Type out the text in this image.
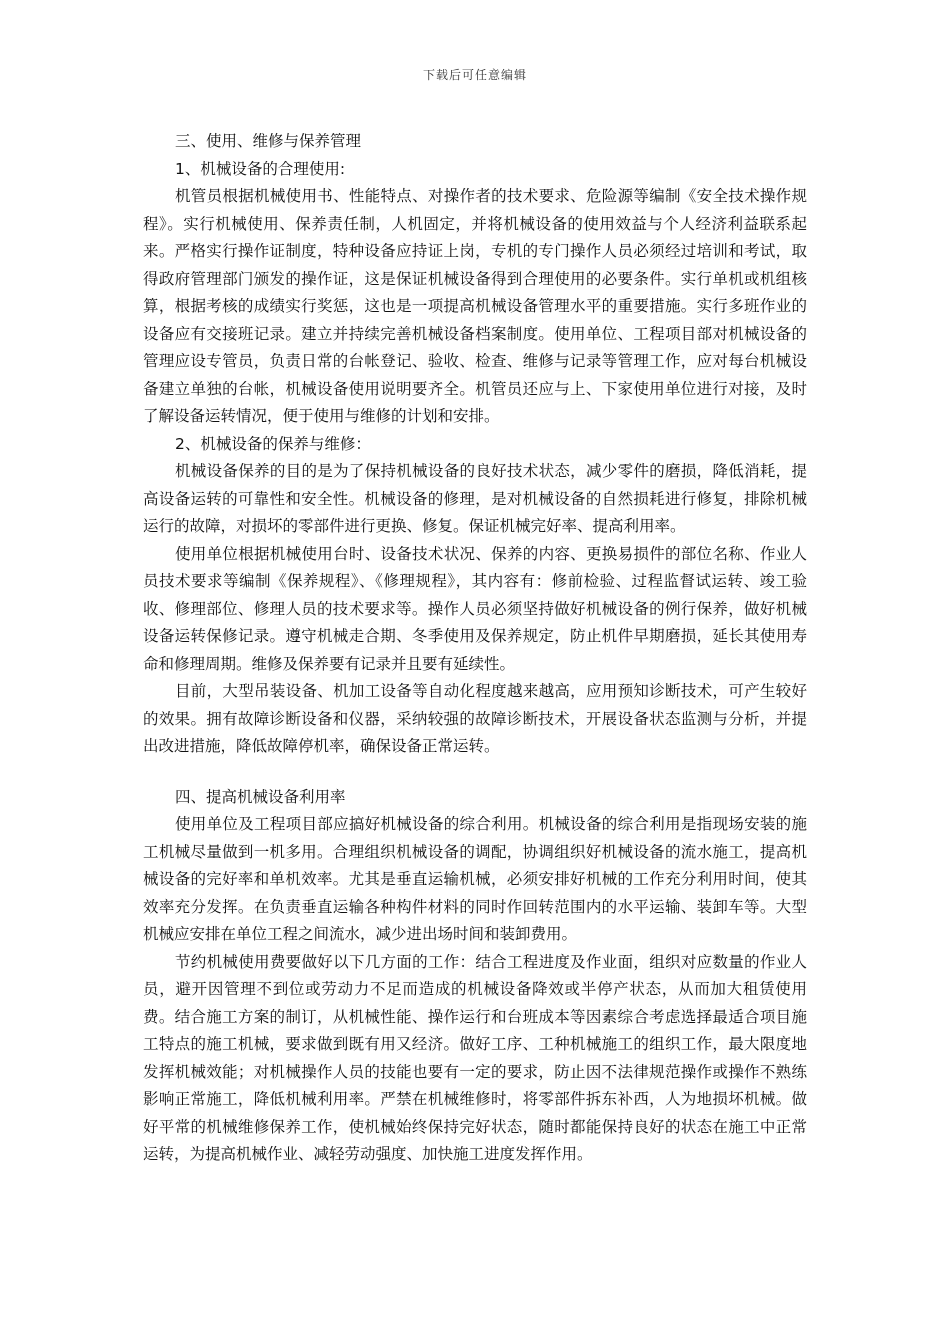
下载后可任意编辑
三、使用、维修与保养管理

1、机械设备的合理使用:

机管员根据机械使用书、性能特点、对操作者的技术要求、危险源等编制《安全技术操作规程》。实行机械使用、保养责任制，人机固定，并将机械设备的使用效益与个人经济利益联系起来。严格实行操作证制度，特种设备应持证上岗，专机的专门操作人员必须经过培训和考试，取得政府管理部门颁发的操作证，这是保证机械设备得到合理使用的必要条件。实行单机或机组核算，根据考核的成绩实行奖惩，这也是一项提高机械设备管理水平的重要措施。实行多班作业的设备应有交接班记录。建立并持续完善机械设备档案制度。使用单位、工程项目部对机械设备的管理应设专管员，负责日常的台帐登记、验收、检查、维修与记录等管理工作，应对每台机械设备建立单独的台帐，机械设备使用说明要齐全。机管员还应与上、下家使用单位进行对接，及时了解设备运转情况，便于使用与维修的计划和安排。

2、机械设备的保养与维修：

机械设备保养的目的是为了保持机械设备的良好技术状态，减少零件的磨损，降低消耗，提高设备运转的可靠性和安全性。机械设备的修理，是对机械设备的自然损耗进行修复，排除机械运行的故障，对损坏的零部件进行更换、修复。保证机械完好率、提高利用率。

使用单位根据机械使用台时、设备技术状况、保养的内容、更换易损件的部位名称、作业人员技术要求等编制《保养规程》、《修理规程》，其内容有：修前检验、过程监督试运转、竣工验收、修理部位、修理人员的技术要求等。操作人员必须坚持做好机械设备的例行保养，做好机械设备运转保修记录。遵守机械走合期、冬季使用及保养规定，防止机件早期磨损，延长其使用寿命和修理周期。维修及保养要有记录并且要有延续性。

目前，大型吊装设备、机加工设备等自动化程度越来越高，应用预知诊断技术，可产生较好的效果。拥有故障诊断设备和仪器，采纳较强的故障诊断技术，开展设备状态监测与分析，并提出改进措施，降低故障停机率，确保设备正常运转。

四、提高机械设备利用率

使用单位及工程项目部应搞好机械设备的综合利用。机械设备的综合利用是指现场安装的施工机械尽量做到一机多用。合理组织机械设备的调配，协调组织好机械设备的流水施工，提高机械设备的完好率和单机效率。尤其是垂直运输机械，必须安排好机械的工作充分利用时间，使其效率充分发挥。在负责垂直运输各种构件材料的同时作回转范围内的水平运输、装卸车等。大型机械应安排在单位工程之间流水，减少进出场时间和装卸费用。

节约机械使用费要做好以下几方面的工作：结合工程进度及作业面，组织对应数量的作业人员，避开因管理不到位或劳动力不足而造成的机械设备降效或半停产状态，从而加大租赁使用费。结合施工方案的制订，从机械性能、操作运行和台班成本等因素综合考虑选择最适合项目施工特点的施工机械，要求做到既有用又经济。做好工序、工种机械施工的组织工作，最大限度地发挥机械效能；对机械操作人员的技能也要有一定的要求，防止因不法律规范操作或操作不熟练影响正常施工，降低机械利用率。严禁在机械维修时，将零部件拆东补西，人为地损坏机械。做好平常的机械维修保养工作，使机械始终保持完好状态，随时都能保持良好的状态在施工中正常运转，为提高机械作业、减轻劳动强度、加快施工进度发挥作用。
